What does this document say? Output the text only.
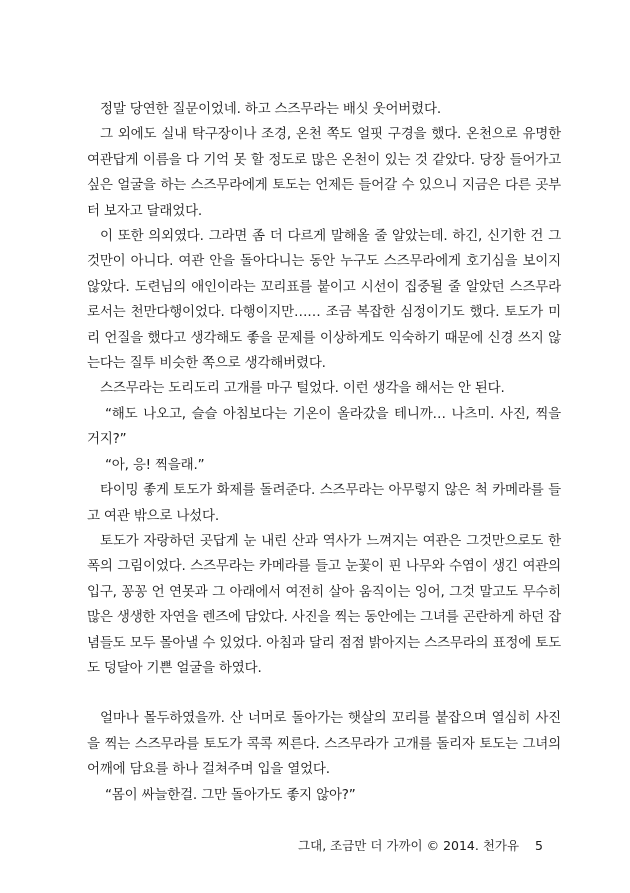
정말 당연한 질문이었네. 하고 스즈무라는 배싯 웃어버렸다.

그 외에도 실내 탁구장이나 조경, 온천 쪽도 얼핏 구경을 했다. 온천으로 유명한 여관답게 이름을 다 기억 못 할 정도로 많은 온천이 있는 것 같았다. 당장 들어가고 싶은 얼굴을 하는 스즈무라에게 토도는 언제든 들어갈 수 있으니 지금은 다른 곳부터 보자고 달래었다.

이 또한 의외였다. 그라면 좀 더 다르게 말해올 줄 알았는데. 하긴, 신기한 건 그것만이 아니다. 여관 안을 돌아다니는 동안 누구도 스즈무라에게 호기심을 보이지 않았다. 도련님의 애인이라는 꼬리표를 붙이고 시선이 집중될 줄 알았던 스즈무라로서는 천만다행이었다. 다행이지만…… 조금 복잡한 심정이기도 했다. 토도가 미리 언질을 했다고 생각해도 좋을 문제를 이상하게도 익숙하기 때문에 신경 쓰지 않는다는 질투 비슷한 쪽으로 생각해버렸다.

스즈무라는 도리도리 고개를 마구 털었다. 이런 생각을 해서는 안 된다.

“해도 나오고, 슬슬 아침보다는 기온이 올라갔을 테니까… 나츠미. 사진, 찍을 거지?”

“아, 응! 찍을래.”

타이밍 좋게 토도가 화제를 돌려준다. 스즈무라는 아무렇지 않은 척 카메라를 들고 여관 밖으로 나섰다.

토도가 자랑하던 곳답게 눈 내린 산과 역사가 느껴지는 여관은 그것만으로도 한 폭의 그림이었다. 스즈무라는 카메라를 들고 눈꽃이 핀 나무와 수염이 생긴 여관의 입구, 꽁꽁 언 연못과 그 아래에서 여전히 살아 움직이는 잉어, 그것 말고도 무수히 많은 생생한 자연을 렌즈에 담았다. 사진을 찍는 동안에는 그녀를 곤란하게 하던 잡념들도 모두 몰아낼 수 있었다. 아침과 달리 점점 밝아지는 스즈무라의 표정에 토도도 덩달아 기쁜 얼굴을 하였다.

얼마나 몰두하였을까. 산 너머로 돌아가는 햇살의 꼬리를 붙잡으며 열심히 사진을 찍는 스즈무라를 토도가 콕콕 찌른다. 스즈무라가 고개를 돌리자 토도는 그녀의 어깨에 담요를 하나 걸쳐주며 입을 열었다.

“몸이 싸늘한걸. 그만 돌아가도 좋지 않아?”

그대, 조금만 더 가까이 © 2014. 천가유 5
